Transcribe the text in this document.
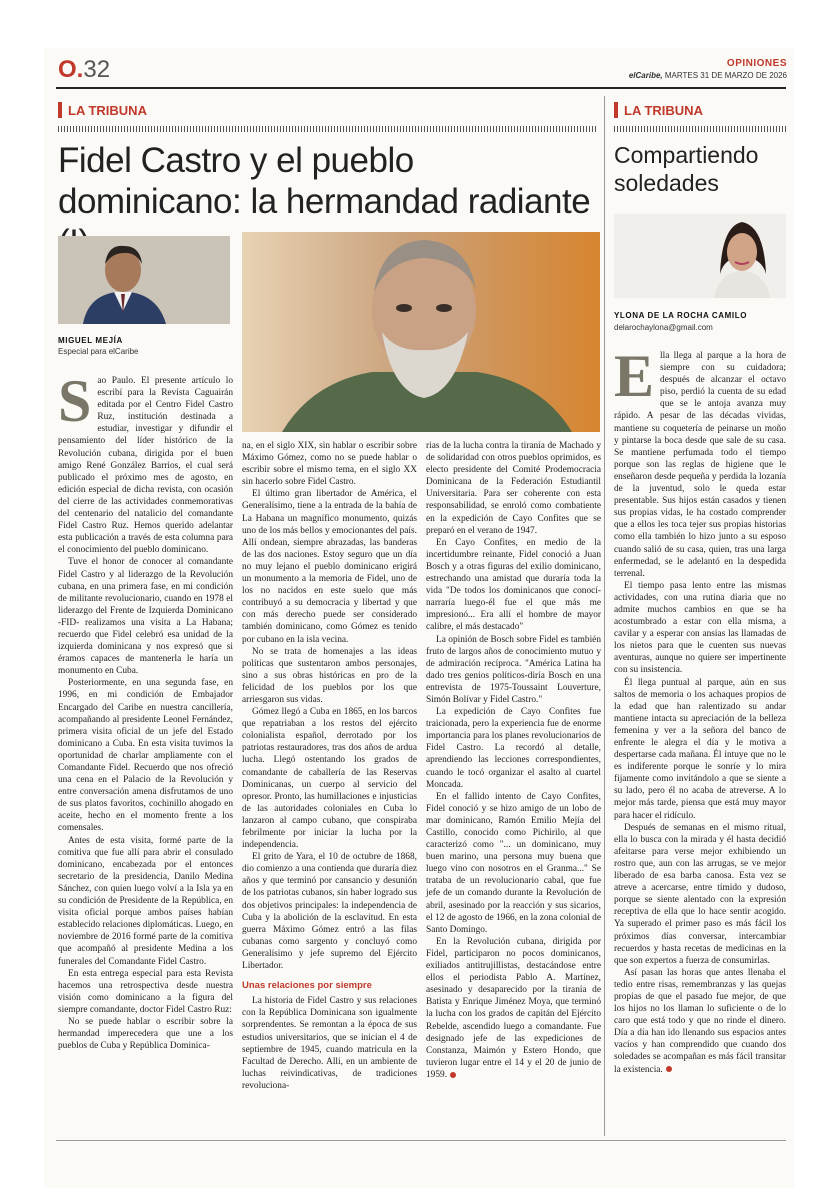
O.32	OPINIONES
elCaribe, MARTES 31 DE MARZO DE 2026
LA TRIBUNA	LA TRIBUNA
Fidel Castro y el pueblo dominicano: la hermandad radiante
Compartiendo soledades
MIGUEL MEJÍA
Especial para elCaribe
YLONA DE LA ROCHA CAMILO
delarochaylona@gmail.com
S ao Paulo. El presente artículo lo escribí para la Revista Caguairán editada por el Centro Fidel Castro Ruz, institución destinada a estudiar, investigar y difundir el pensamiento del líder histórico de la Revolución cubana, dirigida por el buen amigo René González Barrios, el cual será publicado el próximo mes de agosto, en edición especial de dicha revista, con ocasión del cierre de las actividades conmemorativas del centenario del natalicio del comandante Fidel Castro Ruz. Hemos querido adelantar esta publicación a través de esta columna para el conocimiento del pueblo dominicano.

Tuve el honor de conocer al comandante Fidel Castro y al liderazgo de la Revolución cubana, en una primera fase, en mi condición de militante revolucionario, cuando en 1978 el liderazgo del Frente de Izquierda Dominicano -FID- realizamos una visita a La Habana; recuerdo que Fidel celebró esa unidad de la izquierda dominicana y nos expresó que si éramos capaces de mantenerla le haría un monumento en Cuba.

Posteriormente, en una segunda fase, en 1996, en mi condición de Embajador Encargado del Caribe en nuestra cancillería, acompañando al presidente Leonel Fernández, primera visita oficial de un jefe del Estado dominicano a Cuba. En esta visita tuvimos la oportunidad de charlar ampliamente con el Comandante Fidel. Recuerdo que nos ofreció una cena en el Palacio de la Revolución y entre conversación amena disfrutamos de uno de sus platos favoritos, cochinillo ahogado en aceite, hecho en el momento frente a los comensales.

Antes de esta visita, formé parte de la comitiva que fue allí para abrir el consulado dominicano, encabezada por el entonces secretario de la presidencia, Danilo Medina Sánchez, con quien luego volví a la Isla ya en su condición de Presidente de la República, en visita oficial porque ambos países habían establecido relaciones diplomáticas. Luego, en noviembre de 2016 formé parte de la comitiva que acompañó al presidente Medina a los funerales del Comandante Fidel Castro.

En esta entrega especial para esta Revista hacemos una retrospectiva desde nuestra visión como dominicano a la figura del siempre comandante, doctor Fidel Castro Ruz:

No se puede hablar o escribir sobre la hermandad imperecedera que une a los pueblos de Cuba y República Dominica-

na, en el siglo XIX, sin hablar o escribir sobre Máximo Gómez, como no se puede hablar o escribir sobre el mismo tema, en el siglo XX sin hacerlo sobre Fidel Castro.

El último gran libertador de América, el Generalísimo, tiene a la entrada de la bahía de La Habana un magnífico monumento, quizás uno de los más bellos y emocionantes del país. Allí ondean, siempre abrazadas, las banderas de las dos naciones. Estoy seguro que un día no muy lejano el pueblo dominicano erigirá un monumento a la memoria de Fidel, uno de los no nacidos en este suelo que más contribuyó a su democracia y libertad y que con más derecho puede ser considerado también dominicano, como Gómez es tenido por cubano en la isla vecina.

No se trata de homenajes a las ideas políticas que sustentaron ambos personajes, sino a sus obras históricas en pro de la felicidad de los pueblos por los que arriesgaron sus vidas.

Gómez llegó a Cuba en 1865, en los barcos que repatriaban a los restos del ejército colonialista español, derrotado por los patriotas restauradores, tras dos años de ardua lucha. Llegó ostentando los grados de comandante de caballería de las Reservas Dominicanas, un cuerpo al servicio del opresor. Pronto, las humillaciones e injusticias de las autoridades coloniales en Cuba lo lanzaron al campo cubano, que conspiraba febrilmente por iniciar la lucha por la independencia.

El grito de Yara, el 10 de octubre de 1868, dio comienzo a una contienda que duraría diez años y que terminó por cansancio y desunión de los patriotas cubanos, sin haber logrado sus dos objetivos principales: la independencia de Cuba y la abolición de la esclavitud. En esta guerra Máximo Gómez entró a las filas cubanas como sargento y concluyó como Generalísimo y jefe supremo del Ejército Libertador.

Unas relaciones por siempre

La historia de Fidel Castro y sus relaciones con la República Dominicana son igualmente sorprendentes. Se remontan a la época de sus estudios universitarios, que se inician el 4 de septiembre de 1945, cuando matricula en la Facultad de Derecho. Allí, en un ambiente de luchas reivindicativas, de tradiciones revoluciona-

rias de la lucha contra la tiranía de Machado y de solidaridad con otros pueblos oprimidos, es electo presidente del Comité Prodemocracia Dominicana de la Federación Estudiantil Universitaria. Para ser coherente con esta responsabilidad, se enroló como combatiente en la expedición de Cayo Confites que se preparó en el verano de 1947.

En Cayo Confites, en medio de la incertidumbre reinante, Fidel conoció a Juan Bosch y a otras figuras del exilio dominicano, estrechando una amistad que duraría toda la vida "De todos los dominicanos que conocí-narraría luego-él fue el que más me impresionó... Era allí el hombre de mayor calibre, el más destacado"

La opinión de Bosch sobre Fidel es también fruto de largos años de conocimiento mutuo y de admiración recíproca. "América Latina ha dado tres genios políticos-diría Bosch en una entrevista de 1975-Toussaint Louverture, Simón Bolívar y Fidel Castro."

La expedición de Cayo Confites fue traicionada, pero la experiencia fue de enorme importancia para los planes revolucionarios de Fidel Castro. La recordó al detalle, aprendiendo las lecciones correspondientes, cuando le tocó organizar el asalto al cuartel Moncada.

En el fallido intento de Cayo Confites, Fidel conoció y se hizo amigo de un lobo de mar dominicano, Ramón Emilio Mejía del Castillo, conocido como Pichirilo, al que caracterizó como "... un dominicano, muy buen marino, una persona muy buena que luego vino con nosotros en el Granma..." Se trataba de un revolucionario cabal, que fue jefe de un comando durante la Revolución de abril, asesinado por la reacción y sus sicarios, el 12 de agosto de 1966, en la zona colonial de Santo Domingo.

En la Revolución cubana, dirigida por Fidel, participaron no pocos dominicanos, exiliados antitrujillistas, destacándose entre ellos el periodista Pablo A. Martínez, asesinado y desaparecido por la tiranía de Batista y Enrique Jiménez Moya, que terminó la lucha con los grados de capitán del Ejército Rebelde, ascendido luego a comandante. Fue designado jefe de las expediciones de Constanza, Maimón y Estero Hondo, que tuvieron lugar entre el 14 y el 20 de junio de 1959.

E lla llega al parque a la hora de siempre con su cuidadora; después de alcanzar el octavo piso, perdió la cuenta de su edad que se le antoja avanza muy rápido. A pesar de las décadas vividas, mantiene su coquetería de peinarse un moño y pintarse la boca desde que sale de su casa. Se mantiene perfumada todo el tiempo porque son las reglas de higiene que le enseñaron desde pequeña y perdida la lozanía de la juventud, solo le queda estar presentable. Sus hijos están casados y tienen sus propias vidas, le ha costado comprender que a ellos les toca tejer sus propias historias como ella también lo hizo junto a su esposo cuando salió de su casa, quien, tras una larga enfermedad, se le adelantó en la despedida terrenal.

El tiempo pasa lento entre las mismas actividades, con una rutina diaria que no admite muchos cambios en que se ha acostumbrado a estar con ella misma, a cavilar y a esperar con ansias las llamadas de los nietos para que le cuenten sus nuevas aventuras, aunque no quiere ser impertinente con su insistencia.

Él llega puntual al parque, aún en sus saltos de memoria o los achaques propios de la edad que han ralentizado su andar mantiene intacta su apreciación de la belleza femenina y ver a la señora del banco de enfrente le alegra el día y le motiva a despertarse cada mañana. Él intuye que no le es indiferente porque le sonríe y lo mira fijamente como invitándolo a que se siente a su lado, pero él no acaba de atreverse. A lo mejor más tarde, piensa que está muy mayor para hacer el ridículo.

Después de semanas en el mismo ritual, ella lo busca con la mirada y él hasta decidió afeitarse para verse mejor exhibiendo un rostro que, aun con las arrugas, se ve mejor liberado de esa barba canosa. Esta vez se atreve a acercarse, entre tímido y dudoso, porque se siente alentado con la expresión receptiva de ella que lo hace sentir acogido. Ya superado el primer paso es más fácil los próximos días conversar, intercambiar recuerdos y hasta recetas de medicinas en la que son expertos a fuerza de consumirlas.

Así pasan las horas que antes llenaba el tedio entre risas, remembranzas y las quejas propias de que el pasado fue mejor, de que los hijos no los llaman lo suficiente o de lo caro que está todo y que no rinde el dinero. Día a día han ido llenando sus espacios antes vacíos y han comprendido que cuando dos soledades se acompañan es más fácil transitar la existencia.
